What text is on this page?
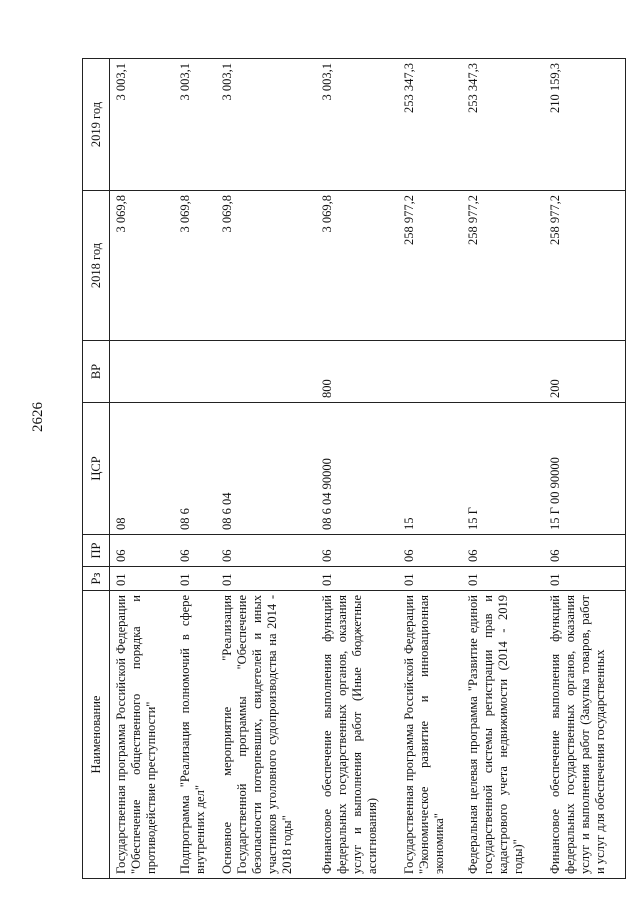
2626
Наименование	Рз	ПР	ЦСР	ВР	2018 год	2019 год
Государственная программа Российской Федерации "Обеспечение общественного порядка и противодействие преступности"	01	06	08		3 069,8	3 003,1
Подпрограмма "Реализация полномочий в сфере внутренних дел"	01	06	08 6		3 069,8	3 003,1
Основное мероприятие "Реализация Государственной программы "Обеспечение безопасности потерпевших, свидетелей и иных участников уголовного судопроизводства на 2014 - 2018 годы"	01	06	08 6 04		3 069,8	3 003,1
Финансовое обеспечение выполнения функций федеральных государственных органов, оказания услуг и выполнения работ (Иные бюджетные ассигнования)	01	06	08 6 04 90000	800	3 069,8	3 003,1
Государственная программа Российской Федерации "Экономическое развитие и инновационная экономика"	01	06	15		258 977,2	253 347,3
Федеральная целевая программа "Развитие единой государственной системы регистрации прав и кадастрового учета недвижимости (2014 - 2019 годы)"	01	06	15 Г		258 977,2	253 347,3
Финансовое обеспечение выполнения функций федеральных государственных органов, оказания услуг и выполнения работ (Закупка товаров, работ и услуг для обеспечения государственных	01	06	15 Г 00 90000	200	258 977,2	210 159,3
